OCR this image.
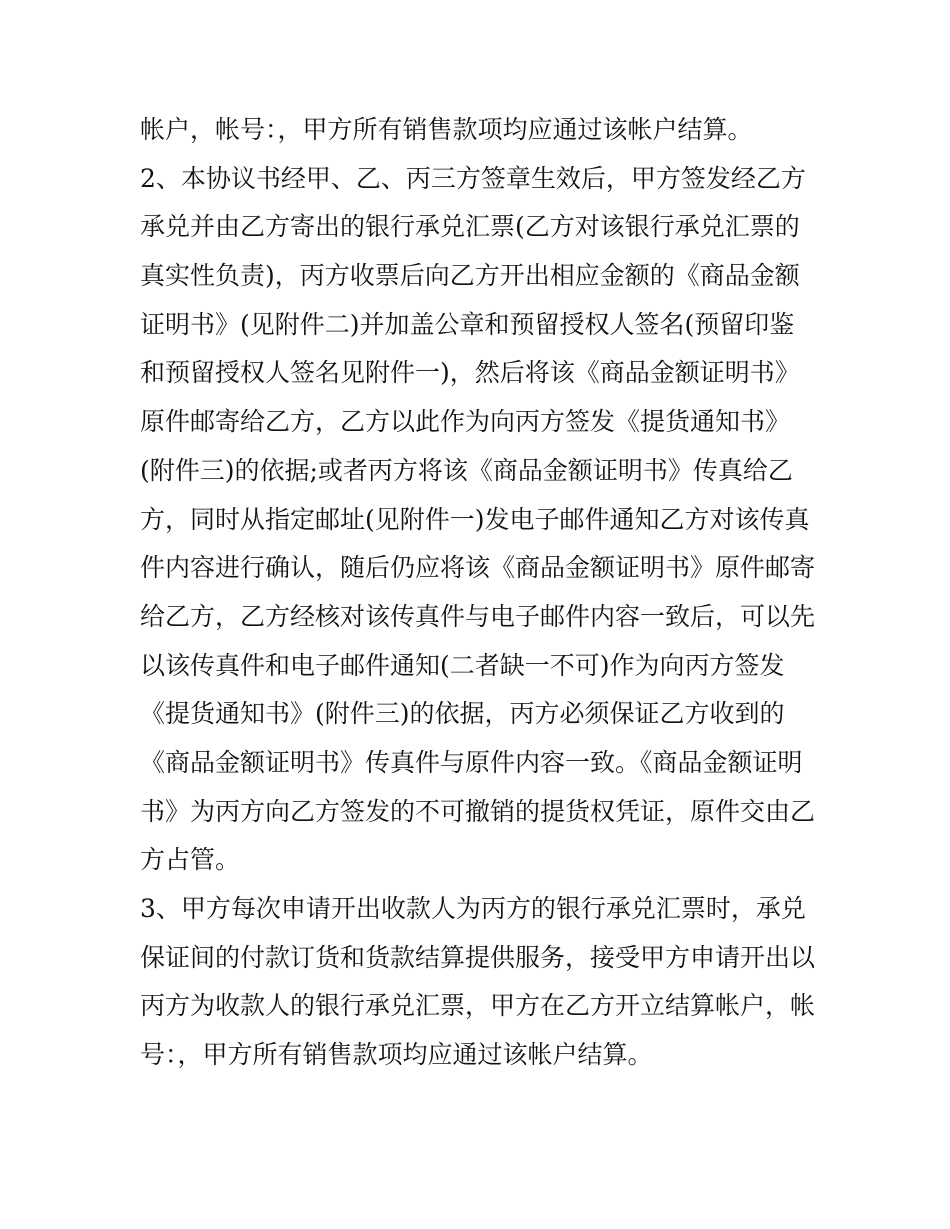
帐户，帐号：，甲方所有销售款项均应通过该帐户结算。
2、本协议书经甲、乙、丙三方签章生效后，甲方签发经乙方
承兑并由乙方寄出的银行承兑汇票(乙方对该银行承兑汇票的
真实性负责)，丙方收票后向乙方开出相应金额的《商品金额
证明书》(见附件二)并加盖公章和预留授权人签名(预留印鉴
和预留授权人签名见附件一)，然后将该《商品金额证明书》
原件邮寄给乙方，乙方以此作为向丙方签发《提货通知书》
(附件三)的依据;或者丙方将该《商品金额证明书》传真给乙
方，同时从指定邮址(见附件一)发电子邮件通知乙方对该传真
件内容进行确认，随后仍应将该《商品金额证明书》原件邮寄
给乙方，乙方经核对该传真件与电子邮件内容一致后，可以先
以该传真件和电子邮件通知(二者缺一不可)作为向丙方签发
《提货通知书》(附件三)的依据，丙方必须保证乙方收到的
《商品金额证明书》传真件与原件内容一致。《商品金额证明
书》为丙方向乙方签发的不可撤销的提货权凭证，原件交由乙
方占管。
3、甲方每次申请开出收款人为丙方的银行承兑汇票时，承兑
保证间的付款订货和货款结算提供服务，接受甲方申请开出以
丙方为收款人的银行承兑汇票，甲方在乙方开立结算帐户，帐
号：，甲方所有销售款项均应通过该帐户结算。
